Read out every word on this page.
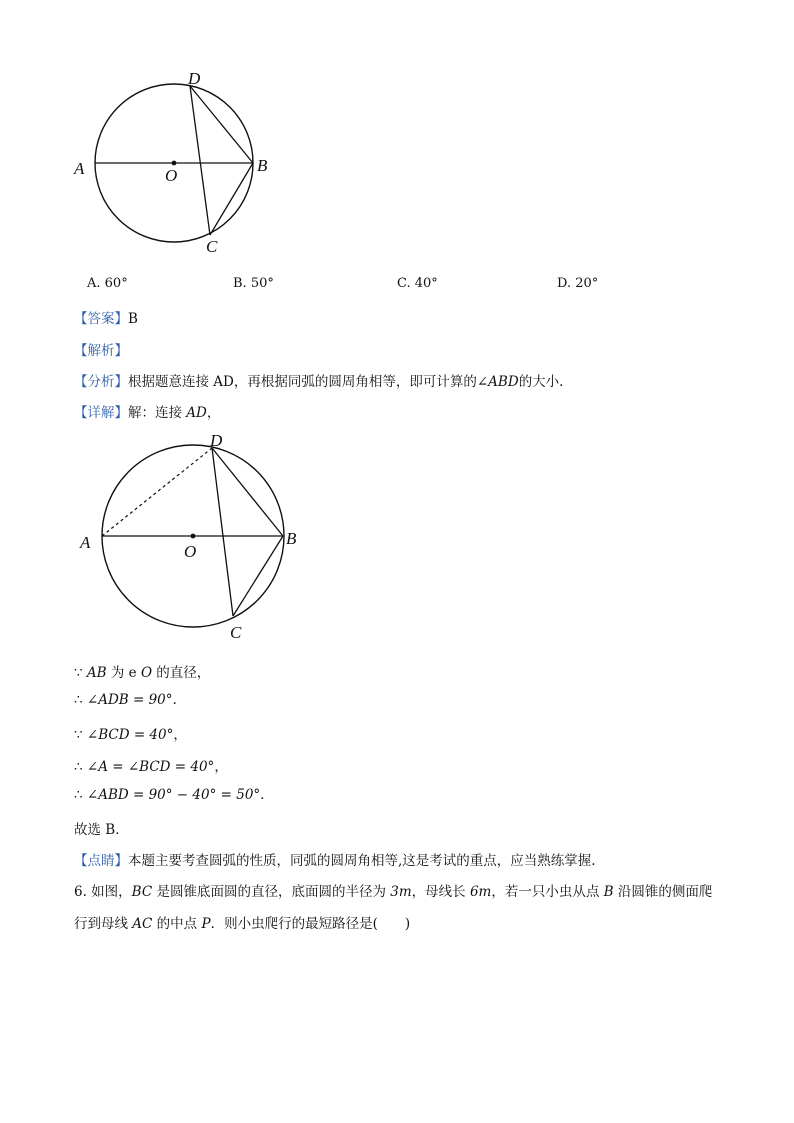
D
A	O
B
C
A. 60°	B. 50°	C. 40°	D. 20°
【答案】B
【解析】
【分析】根据题意连接 AD，再根据同弧的圆周角相等，即可计算的∠ABD的大小.
【详解】解：连接 AD，
D
A	O
B
C
∵ AB 为 e O 的直径，
∴ ∠ADB = 90°.
∵ ∠BCD = 40°，
∴ ∠A = ∠BCD = 40°，
∴ ∠ABD = 90° − 40° = 50°.
故选 B．
【点睛】本题主要考查圆弧的性质，同弧的圆周角相等,这是考试的重点，应当熟练掌握.
6. 如图，BC 是圆锥底面圆的直径，底面圆的半径为 3m，母线长 6m，若一只小虫从点 B 沿圆锥的侧面爬
行到母线 AC 的中点 P．则小虫爬行的最短路径是(　　)
